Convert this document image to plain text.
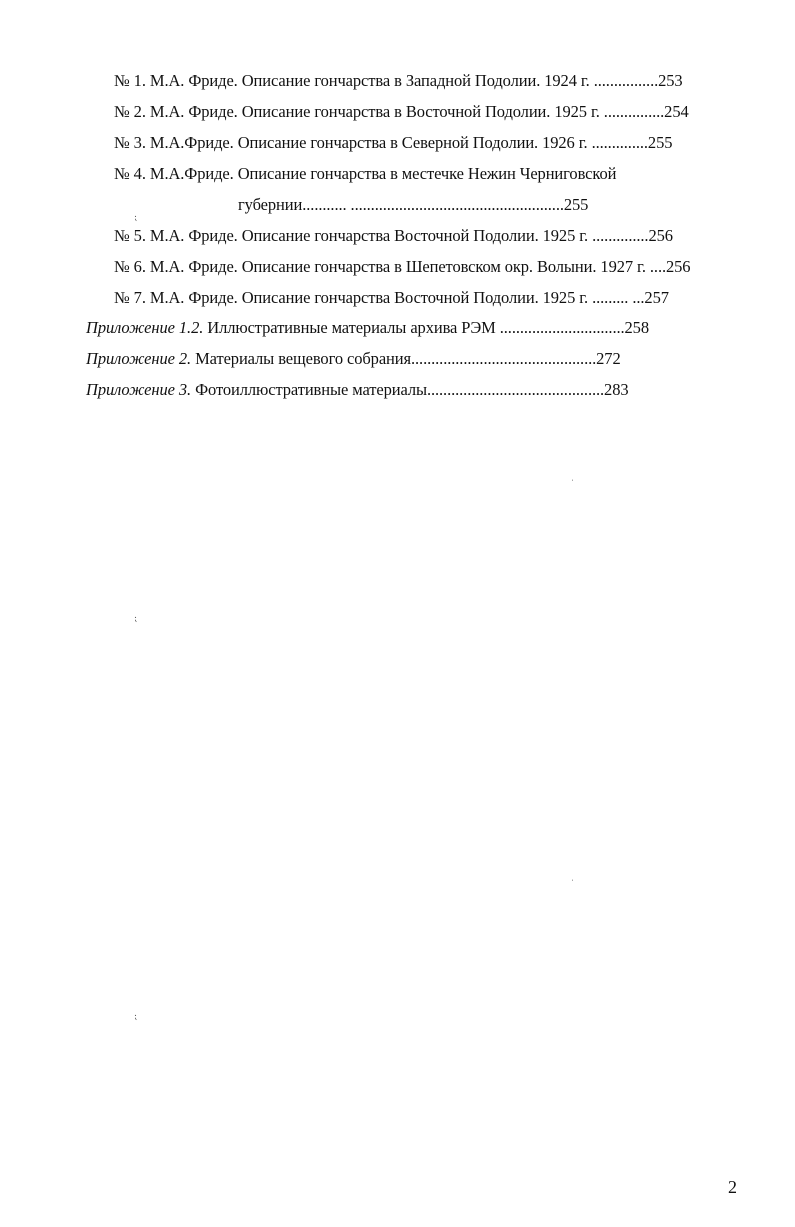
№ 1. М.А. Фриде. Описание гончарства в Западной Подолии. 1924 г. ................253
№ 2. М.А. Фриде. Описание гончарства в Восточной Подолии. 1925 г. ...............254
№ 3. М.А.Фриде. Описание гончарства в Северной Подолии. 1926 г. ..............255
№ 4. М.А.Фриде. Описание гончарства в местечке Нежин Черниговской
губернии........... .....................................................255
№ 5. М.А. Фриде. Описание гончарства Восточной Подолии. 1925 г. ..............256
№ 6. М.А. Фриде. Описание гончарства в Шепетовском окр. Волыни. 1927 г. ....256
№ 7. М.А. Фриде. Описание гончарства Восточной Подолии. 1925 г. ......... ...257
Приложение 1.2. Иллюстративные материалы архива РЭМ ...............................258
Приложение 2. Материалы вещевого собрания..............................................272
Приложение 3. Фотоиллюстративные материалы............................................283
⁏
⁏
⁏
ˈ
ˈ
2
